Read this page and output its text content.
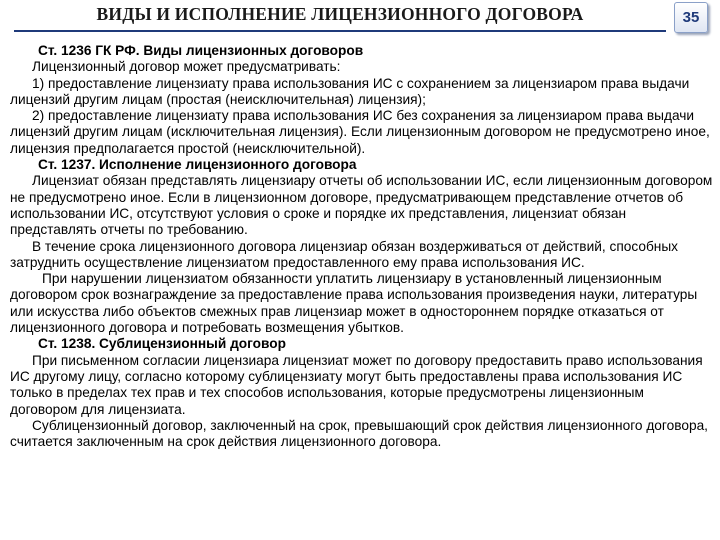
ВИДЫ И ИСПОЛНЕНИЕ ЛИЦЕНЗИОННОГО ДОГОВОРА	35

Ст. 1236 ГК РФ. Виды лицензионных договоров

Лицензионный договор может предусматривать:

1) предоставление лицензиату права использования ИС с сохранением за лицензиаром права выдачи лицензий другим лицам (простая (неисключительная) лицензия);

2) предоставление лицензиату права использования ИС без сохранения за лицензиаром права выдачи лицензий другим лицам (исключительная лицензия). Если лицензионным договором не предусмотрено иное, лицензия предполагается простой (неисключительной).

Ст. 1237. Исполнение лицензионного договора

Лицензиат обязан представлять лицензиару отчеты об использовании ИС, если лицензионным договором не предусмотрено иное. Если в лицензионном договоре, предусматривающем представление отчетов об использовании ИС, отсутствуют условия о сроке и порядке их представления, лицензиат обязан представлять отчеты по требованию.

В течение срока лицензионного договора лицензиар обязан воздерживаться от действий, способных затруднить осуществление лицензиатом предоставленного ему права использования ИС.

При нарушении лицензиатом обязанности уплатить лицензиару в установленный лицензионным договором срок вознаграждение за предоставление права использования произведения науки, литературы или искусства либо объектов смежных прав лицензиар может в одностороннем порядке отказаться от лицензионного договора и потребовать возмещения убытков.

Ст. 1238. Сублицензионный договор

При письменном согласии лицензиара лицензиат может по договору предоставить право использования ИС другому лицу, согласно которому сублицензиату могут быть предоставлены права использования ИС только в пределах тех прав и тех способов использования, которые предусмотрены лицензионным договором для лицензиата.

Сублицензионный договор, заключенный на срок, превышающий срок действия лицензионного договора, считается заключенным на срок действия лицензионного договора.
